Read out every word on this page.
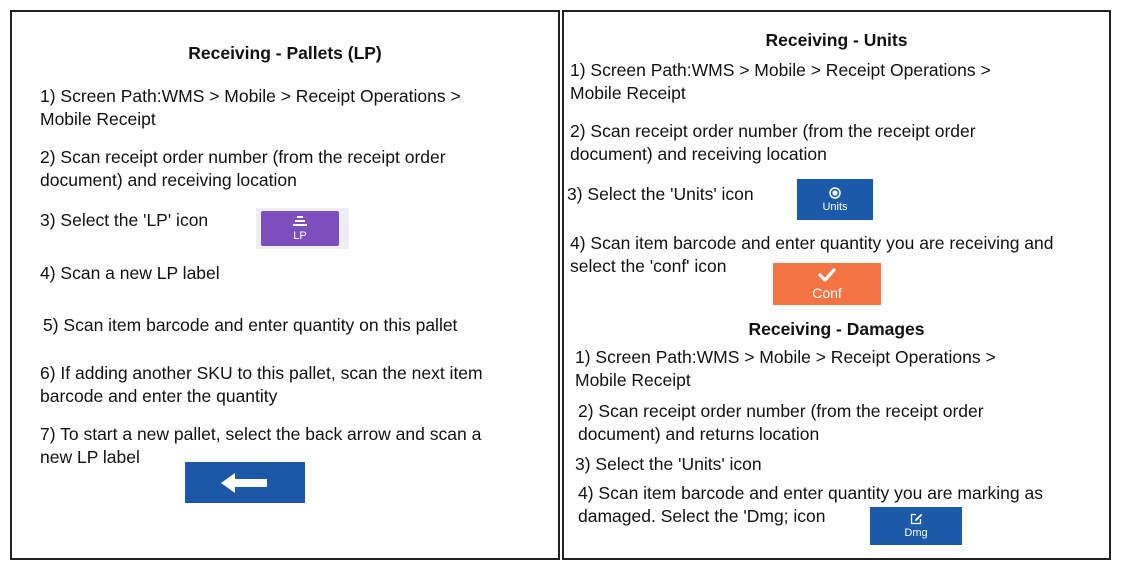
Receiving - Pallets (LP)
1) Screen Path:WMS > Mobile > Receipt Operations >
Mobile Receipt
2) Scan receipt order number (from the receipt order
document) and receiving location
3) Select the 'LP' icon
LP
4) Scan a new LP label
5) Scan item barcode and enter quantity on this pallet
6) If adding another SKU to this pallet, scan the next item
barcode and enter the quantity
7) To start a new pallet, select the back arrow and scan a
new LP label
Receiving - Units
1) Screen Path:WMS > Mobile > Receipt Operations >
Mobile Receipt
2) Scan receipt order number (from the receipt order
document) and receiving location
3) Select the 'Units' icon
Units
4) Scan item barcode and enter quantity you are receiving and
select the 'conf' icon
Conf
Receiving - Damages
1) Screen Path:WMS > Mobile > Receipt Operations >
Mobile Receipt
2) Scan receipt order number (from the receipt order
document) and returns location
3) Select the 'Units' icon
4) Scan item barcode and enter quantity you are marking as
damaged. Select the 'Dmg; icon
Dmg
